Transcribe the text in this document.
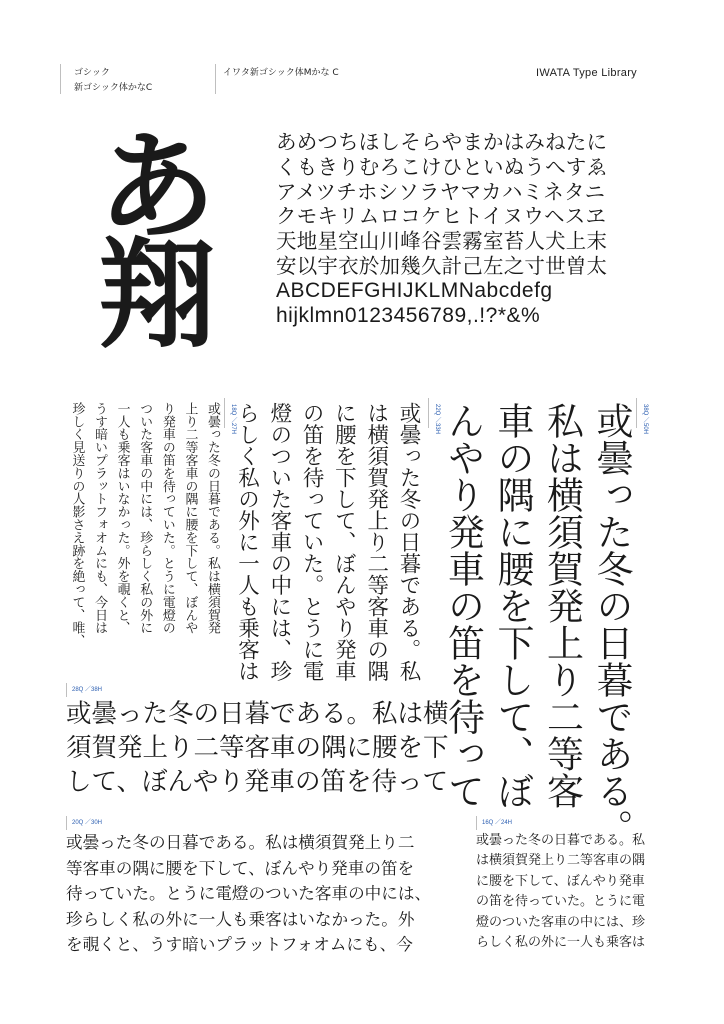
ゴシック
新ゴシック体かなC
イワタ新ゴシック体Mかな C	IWATA Type Library
あ
翔
あめつちほしそらやまかはみねたに
くもきりむろこけひといぬうへすゑ
アメツチホシソラヤマカハミネタニ
クモキリムロコケヒトイヌウヘスヱ
天地星空山川峰谷雲霧室苔人犬上末
安以宇衣於加幾久計己左之寸世曽太
ABCDEFGHIJKLMNabcdefg
hijklmn0123456789,.!?*&%
38Q ／50H
或曇った冬の日暮である。
私は横須賀発上り二等客
車の隅に腰を下して、ぼ
んやり発車の笛を待って
22Q ／33H
或曇った冬の日暮である。私
は横須賀発上り二等客車の隅
に腰を下して、ぼんやり発車
の笛を待っていた。とうに電
燈のついた客車の中には、珍
らしく私の外に一人も乗客は
18Q ／27H
或曇った冬の日暮である。私は横須賀発
上り二等客車の隅に腰を下して、ぼんや
り発車の笛を待っていた。とうに電燈の
ついた客車の中には、珍らしく私の外に
一人も乗客はいなかった。外を覗くと、
うす暗いプラットフォオムにも、今日は
珍しく見送りの人影さえ跡を絶って、唯、
28Q ／38H
或曇った冬の日暮である。私は横
須賀発上り二等客車の隅に腰を下
して、ぼんやり発車の笛を待って
20Q ／30H
或曇った冬の日暮である。私は横須賀発上り二
等客車の隅に腰を下して、ぼんやり発車の笛を
待っていた。とうに電燈のついた客車の中には、
珍らしく私の外に一人も乗客はいなかった。外
を覗くと、うす暗いプラットフォオムにも、今
16Q ／24H
或曇った冬の日暮である。私
は横須賀発上り二等客車の隅
に腰を下して、ぼんやり発車
の笛を待っていた。とうに電
燈のついた客車の中には、珍
らしく私の外に一人も乗客は
